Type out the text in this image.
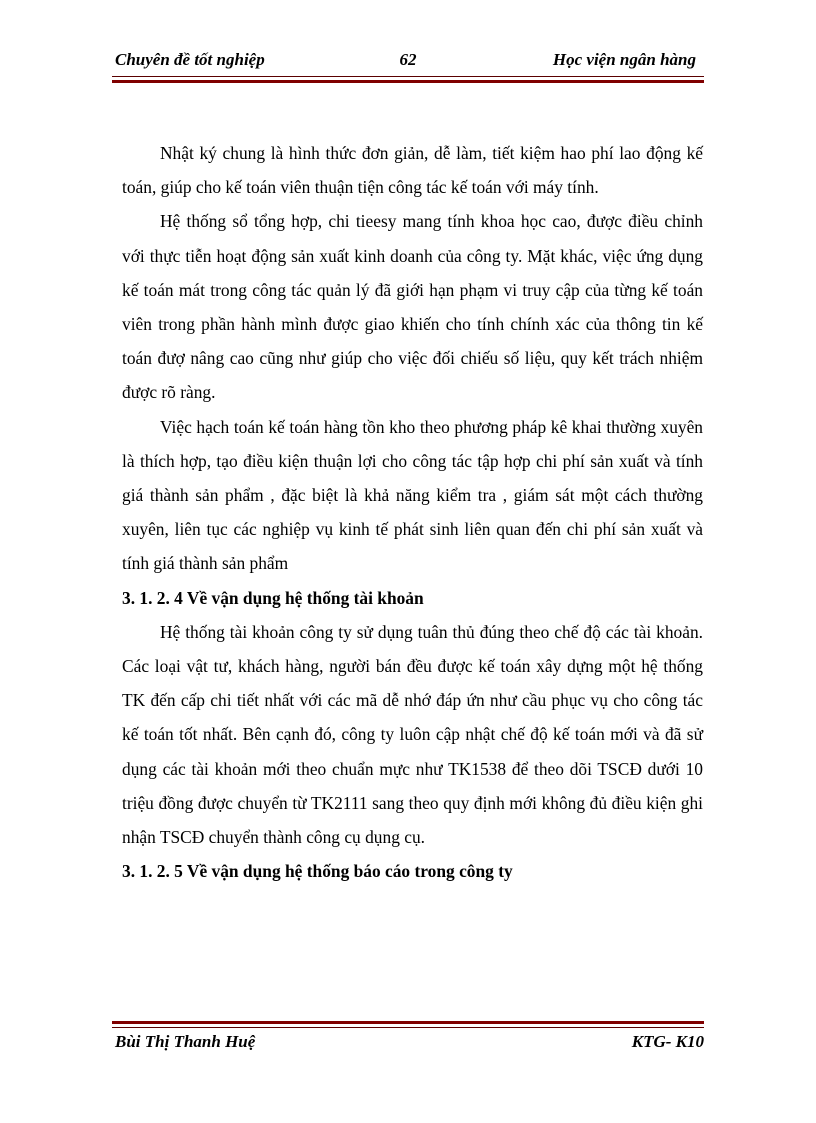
Chuyên đề tốt nghiệp	62	Học viện ngân hàng

Nhật ký chung là hình thức đơn giản, dễ làm, tiết kiệm hao phí lao động kế toán, giúp cho kế toán viên thuận tiện công tác kế toán với máy tính.

Hệ thống sổ tổng hợp, chi tieesy mang tính khoa học cao, được điều chỉnh với thực tiễn hoạt động sản xuất kinh doanh của công ty. Mặt khác, việc ứng dụng kế toán mát trong công tác quản lý đã giới hạn phạm vi truy cập của từng kế toán viên trong phần hành mình được giao khiến cho tính chính xác của thông tin kế toán đượ nâng cao cũng như giúp cho việc đối chiếu số liệu, quy kết trách nhiệm được rõ ràng.

Việc hạch toán kế toán hàng tồn kho theo phương pháp kê khai thường xuyên là thích hợp, tạo điều kiện thuận lợi cho công tác tập hợp chi phí sản xuất và tính giá thành sản phẩm , đặc biệt là khả năng kiểm tra , giám sát một cách thường xuyên, liên tục các nghiệp vụ kinh tế phát sinh liên quan đến chi phí sản xuất và tính giá thành sản phẩm

3. 1. 2. 4 Về vận dụng hệ thống tài khoản

Hệ thống tài khoản công ty sử dụng tuân thủ đúng theo chế độ các tài khoản. Các loại vật tư, khách hàng, người bán đều được kế toán xây dựng một hệ thống TK đến cấp chi tiết nhất với các mã dễ nhớ đáp ứn như cầu phục vụ cho công tác kế toán tốt nhất. Bên cạnh đó, công ty luôn cập nhật chế độ kế toán mới và đã sử dụng các tài khoản mới theo chuẩn mực như TK1538 để theo dõi TSCĐ dưới 10 triệu đồng được chuyển từ TK2111 sang theo quy định mới không đủ điều kiện ghi nhận TSCĐ chuyển thành công cụ dụng cụ.

3. 1. 2. 5 Về vận dụng hệ thống báo cáo trong công ty
Bùi Thị Thanh Huệ	KTG- K10
